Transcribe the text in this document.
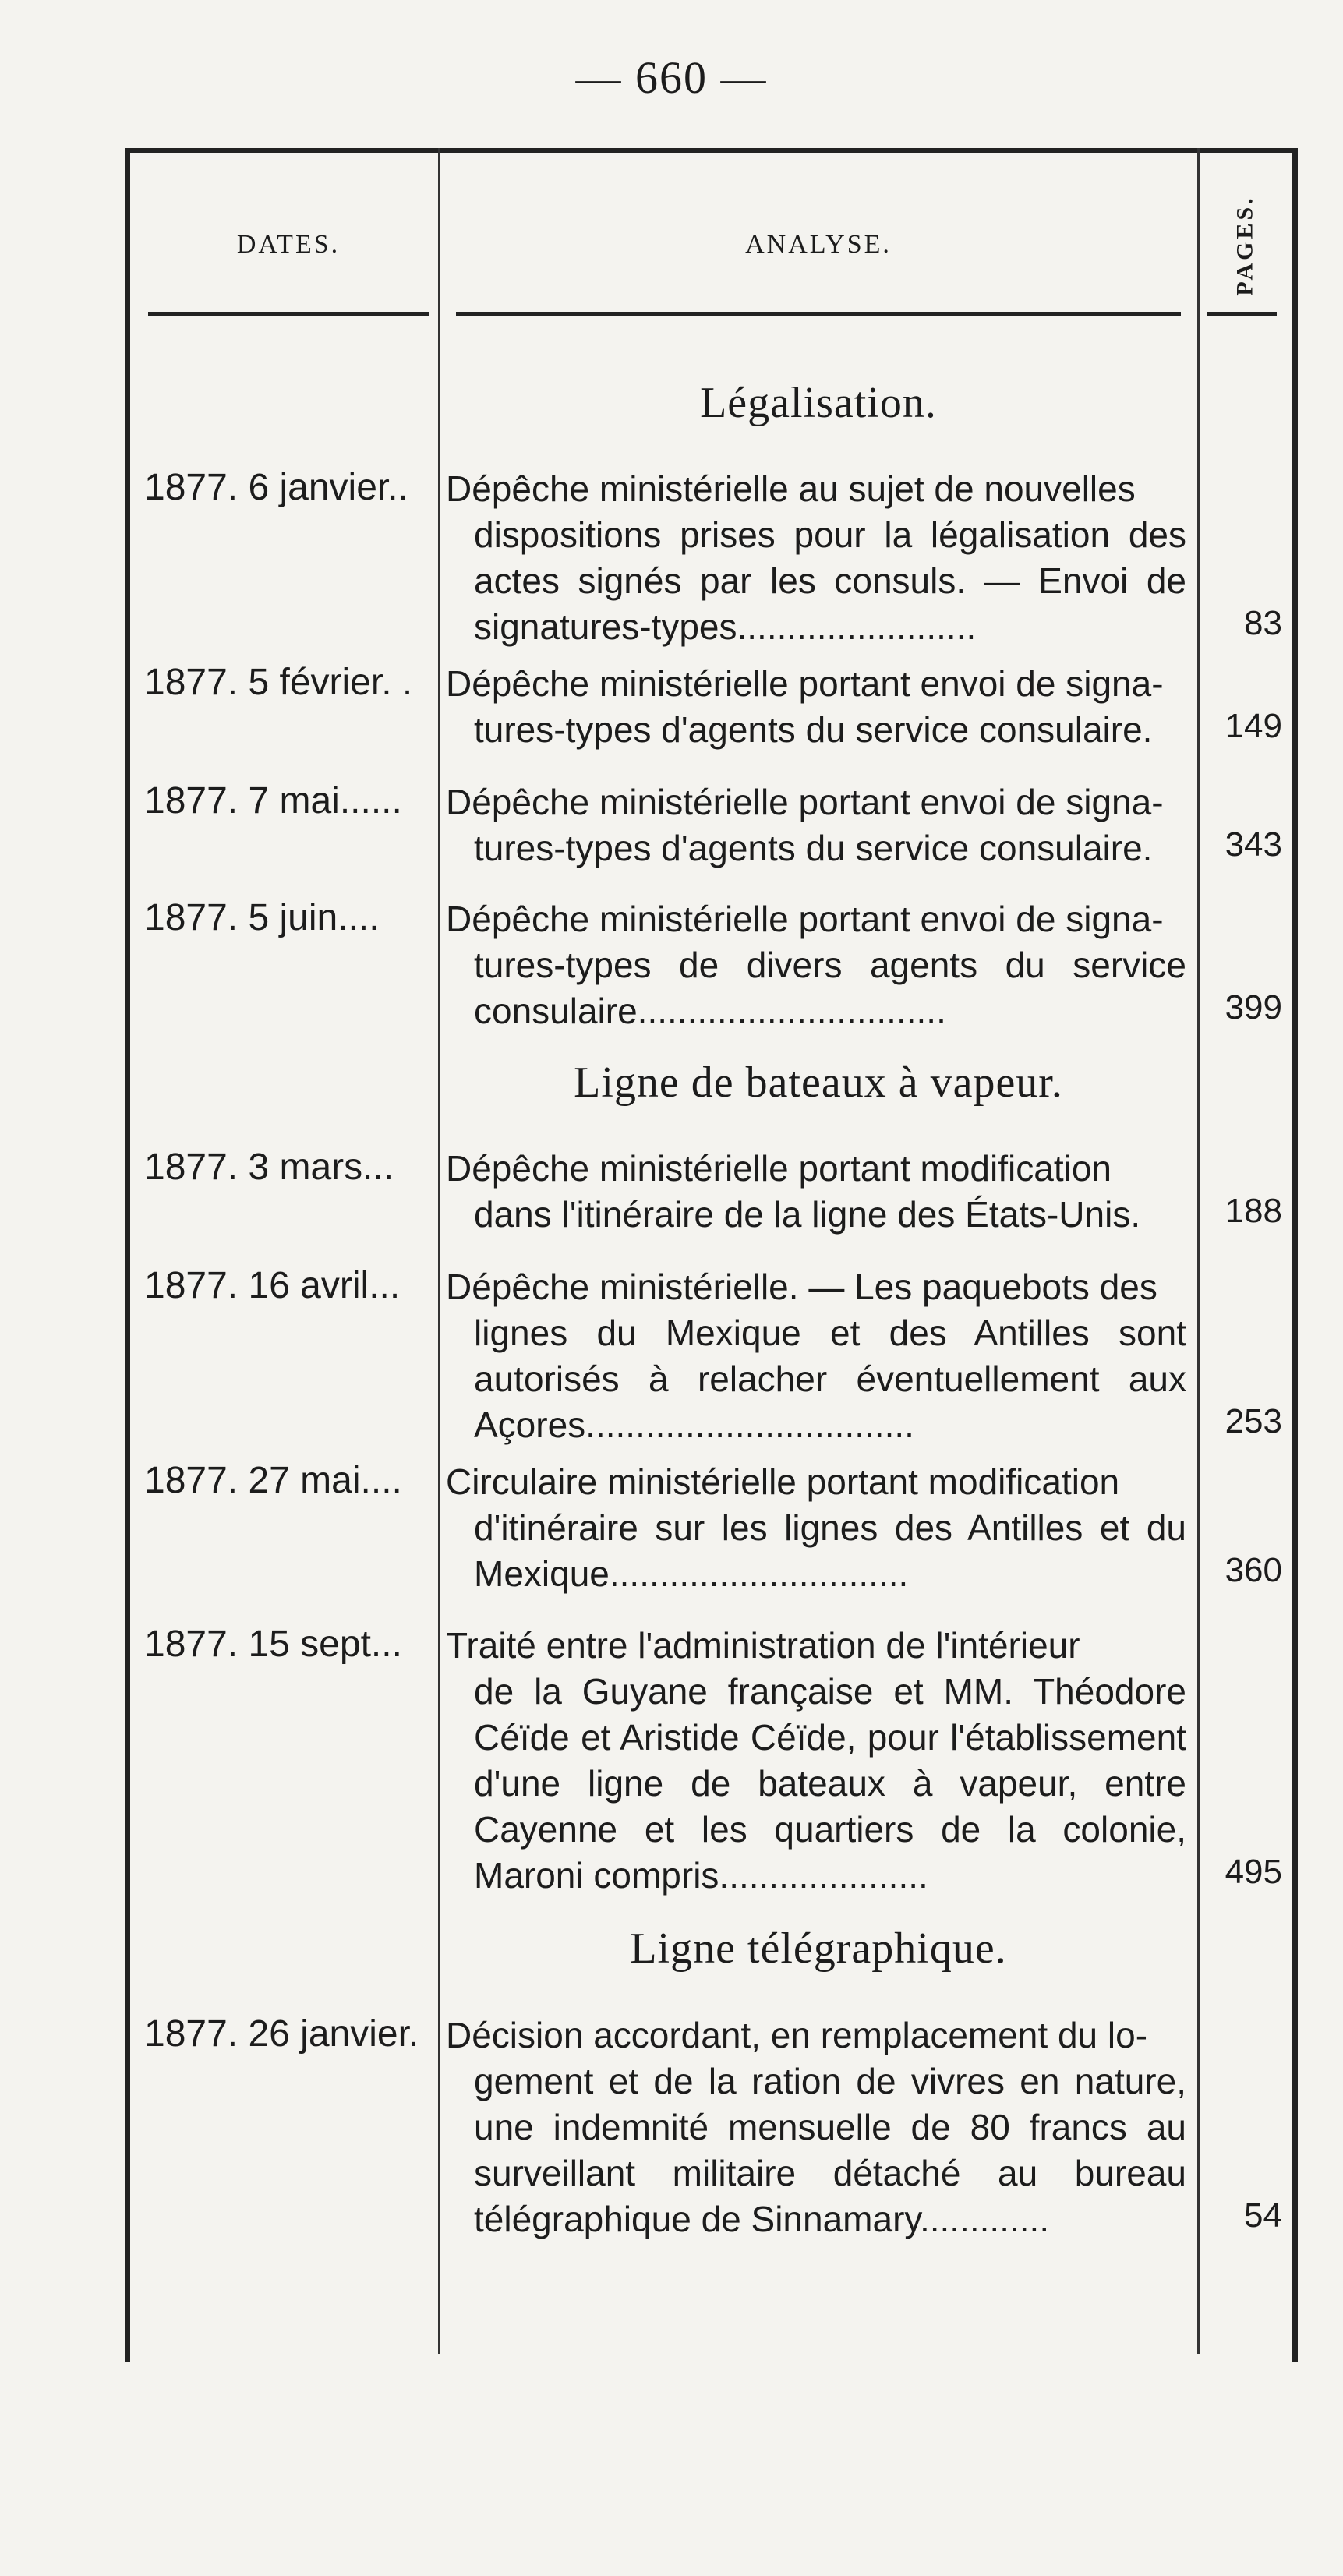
— 660 —
DATES.	ANALYSE.	PAGES.
Légalisation.
1877. 6 janvier..	Dépêche ministérielle au sujet de nouvelles
dispositions prises pour la légalisation des actes signés par les consuls. — Envoi de signatures-types........................	83
1877. 5 février. . Dépêche ministérielle portant envoi de signa-
tures-types d'agents du service consulaire.	149
1877. 7 mai......	Dépêche ministérielle portant envoi de signa-
tures-types d'agents du service consulaire.	343
1877. 5 juin....	Dépêche ministérielle portant envoi de signa-
tures-types de divers agents du service consulaire...............................	399
Ligne de bateaux à vapeur.
1877. 3 mars...	Dépêche ministérielle portant modification
dans l'itinéraire de la ligne des États-Unis.	188
1877. 16 avril...	Dépêche ministérielle. — Les paquebots des
lignes du Mexique et des Antilles sont autorisés à relacher éventuellement aux Açores.................................	253
1877. 27 mai....	Circulaire ministérielle portant modification
d'itinéraire sur les lignes des Antilles et du Mexique..............................	360
1877. 15 sept...	Traité entre l'administration de l'intérieur
de la Guyane française et MM. Théodore Céïde et Aristide Céïde, pour l'établissement d'une ligne de bateaux à vapeur, entre Cayenne et les quartiers de la colonie, Maroni compris.....................	495
Ligne télégraphique.
1877. 26 janvier. Décision accordant, en remplacement du lo-
gement et de la ration de vivres en nature, une indemnité mensuelle de 80 francs au surveillant militaire détaché au bureau télégraphique de Sinnamary.............	54
